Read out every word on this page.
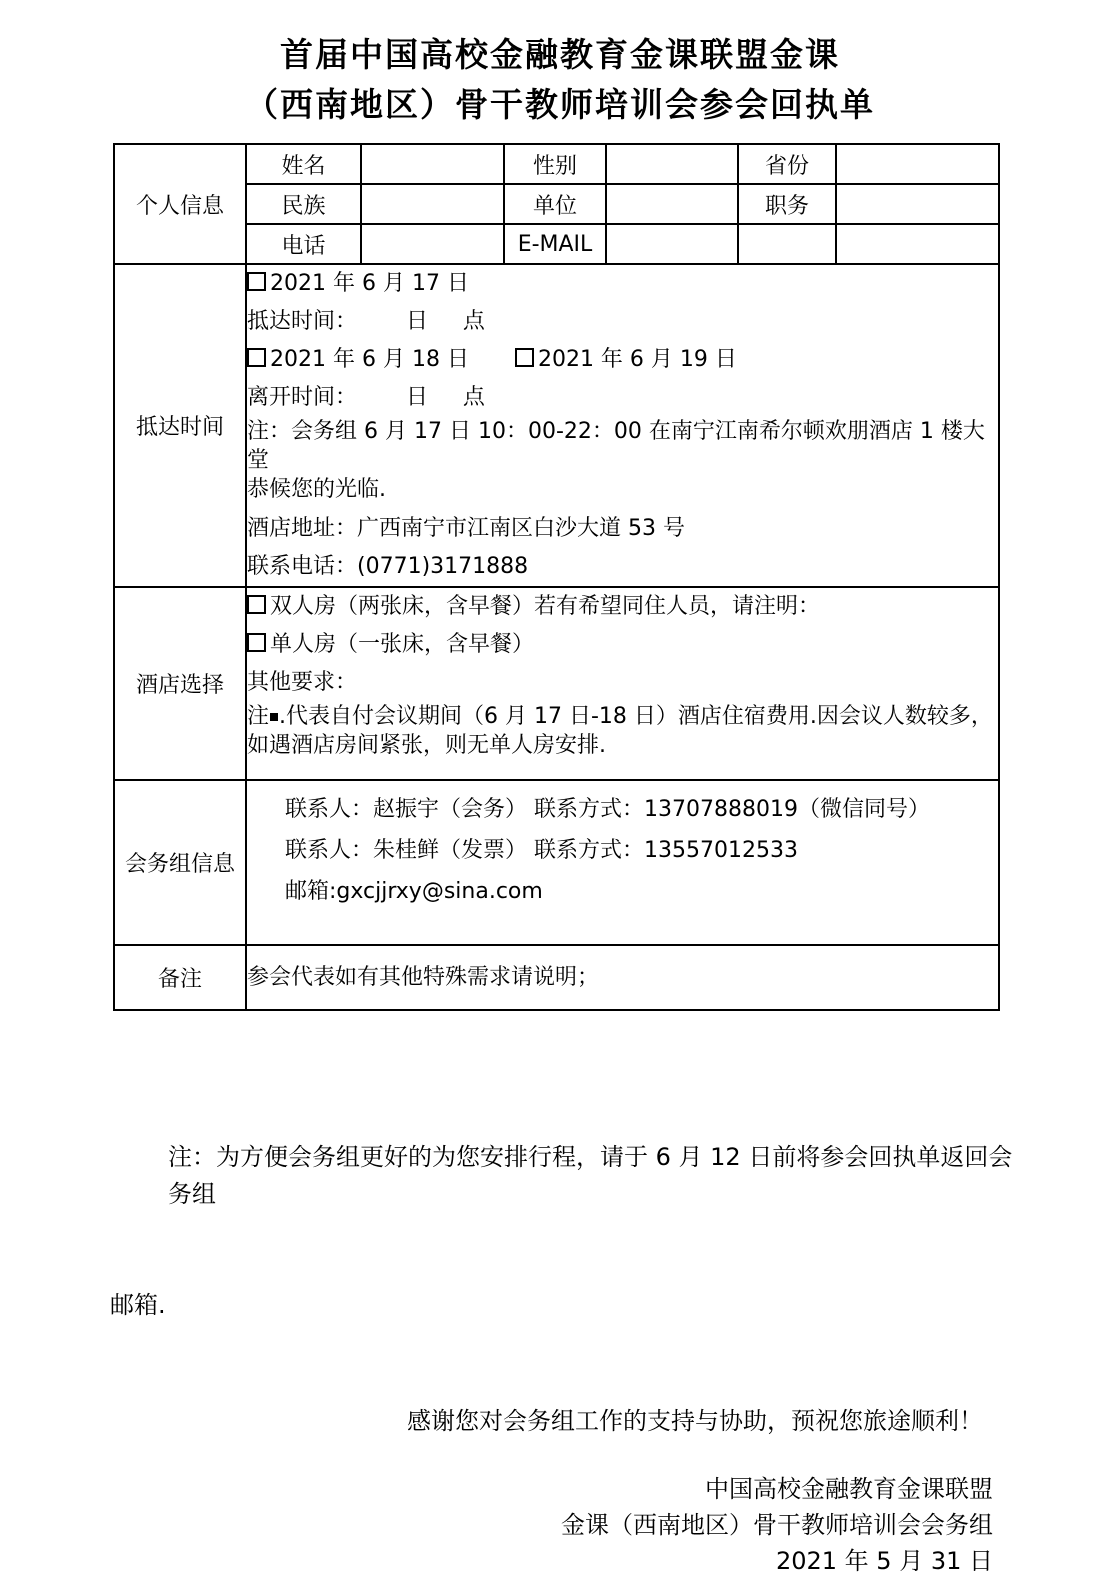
首届中国高校金融教育金课联盟金课
（西南地区）骨干教师培训会参会回执单
个人信息	姓名		性别		省份	
	民族		单位		职务	
	电话		E-MAIL			
抵达时间	
2021 年 6 月 17 日
抵达时间：       日     点
2021 年 6 月 18 日	2021 年 6 月 19 日
离开时间：       日     点
注：会务组 6 月 17 日 10：00-22：00 在南宁江南希尔顿欢朋酒店 1 楼大堂
恭候您的光临.
酒店地址：广西南宁市江南区白沙大道 53 号
联系电话：(0771)3171888

酒店选择	双人房（两张床，含早餐）若有希望同住人员，请注明：
单人房（一张床，含早餐）
其他要求：
注 .代表自付会议期间（6 月 17 日-18 日）酒店住宿费用.因会议人数较多，
如遇酒店房间紧张，则无单人房安排.					

会务组信息	联系人：赵振宇（会务） 联系方式：13707888019（微信同号）
联系人：朱桂鲜（发票） 联系方式：13557012533
邮箱:gxcjjrxy@sina.com					

备注	参会代表如有其他特殊需求请说明；					

注：为方便会务组更好的为您安排行程，请于 6 月 12 日前将参会回执单返回会务组

邮箱.

感谢您对会务组工作的支持与协助，预祝您旅途顺利！
中国高校金融教育金课联盟
金课（西南地区）骨干教师培训会会务组
2021 年 5 月 31 日
